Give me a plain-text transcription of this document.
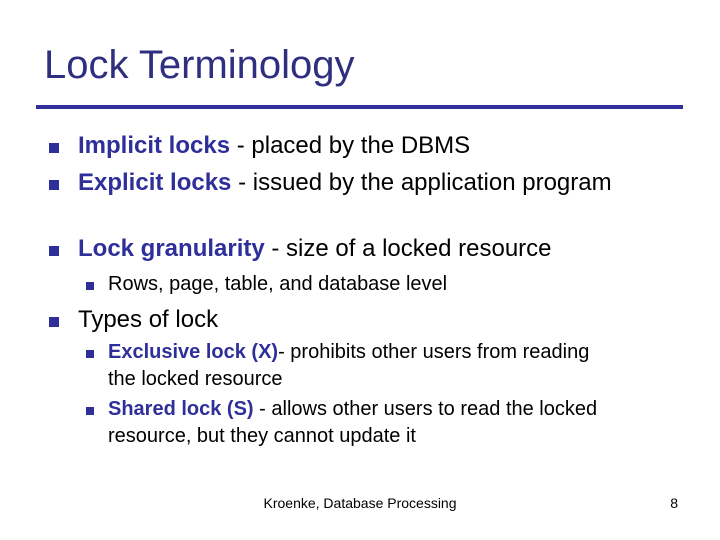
Lock Terminology

Implicit locks - placed by the DBMS

Explicit locks - issued by the application program

Lock granularity - size of a locked resource

Rows, page, table, and database level

Types of lock

Exclusive lock (X)- prohibits other users from reading the locked resource

Shared lock (S) - allows other users to read the locked resource, but they cannot update it

Kroenke, Database Processing	8
